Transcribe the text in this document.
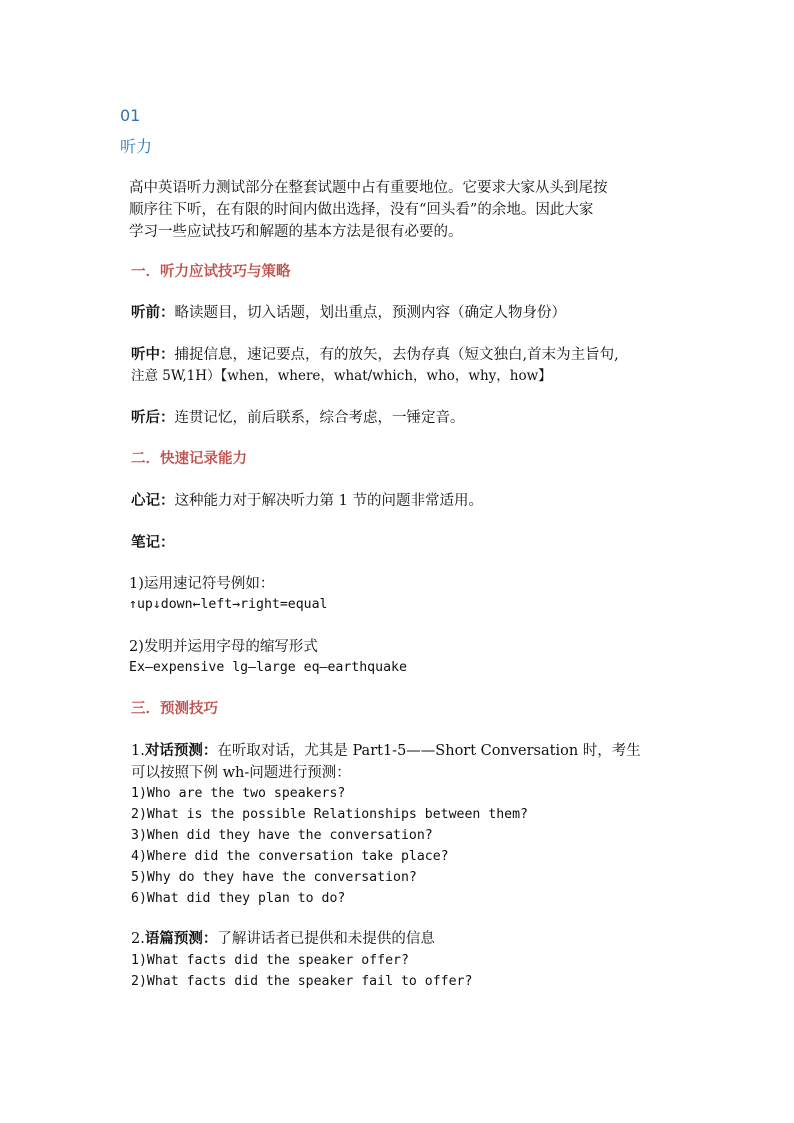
01
听力
高中英语听力测试部分在整套试题中占有重要地位。它要求大家从头到尾按
顺序往下听，在有限的时间内做出选择，没有“回头看”的余地。因此大家
学习一些应试技巧和解题的基本方法是很有必要的。
一．听力应试技巧与策略
听前：略读题目，切入话题，划出重点，预测内容（确定人物身份）
听中：捕捉信息，速记要点，有的放矢，去伪存真（短文独白,首末为主旨句,
注意 5W,1H）【when，where，what/which，who，why，how】
听后：连贯记忆，前后联系，综合考虑，一锤定音。
二．快速记录能力
心记：这种能力对于解决听力第 1 节的问题非常适用。
笔记：
1)运用速记符号例如：
↑up↓down←left→right=equal
2)发明并运用字母的缩写形式
Ex—expensive lg—large eq—earthquake
三．预测技巧
1.对话预测：在听取对话，尤其是 Part1-5——Short Conversation 时，考生
可以按照下例 wh-问题进行预测：
1)Who are the two speakers?
2)What is the possible Relationships between them?
3)When did they have the conversation?
4)Where did the conversation take place?
5)Why do they have the conversation?
6)What did they plan to do?
2.语篇预测：了解讲话者已提供和未提供的信息
1)What facts did the speaker offer?
2)What facts did the speaker fail to offer?
